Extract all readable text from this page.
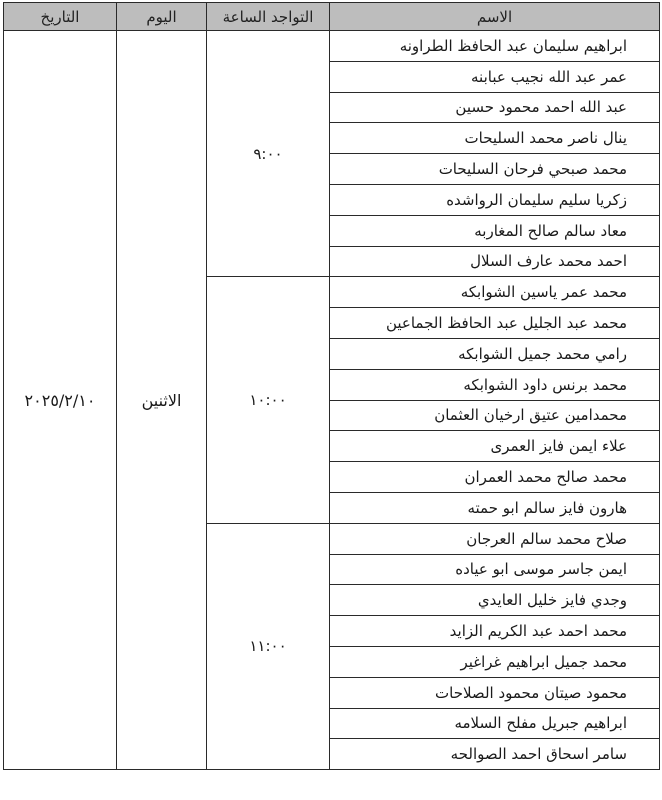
الاسم	التواجد الساعة	اليوم	التاريخ
ابراهيم سليمان عبد الحافظ الطراونه	٩:٠٠	الاثنين	٢٠٢٥/٢/١٠
عمر عبد الله نجيب عبابنه			
عبد الله احمد محمود حسين			
ينال ناصر محمد السليحات			
محمد صبحي فرحان السليحات			
زكريا سليم سليمان الرواشده			
معاد سالم صالح المغاربه			
احمد محمد عارف السلال			
محمد عمر ياسين الشوابكه	١٠:٠٠		
محمد عبد الجليل عبد الحافظ الجماعين			
رامي محمد جميل الشوابكه			
محمد برنس داود الشوابكه			
محمدامين عتيق ارخيان العثمان			
علاء ايمن فايز العمرى			
محمد صالح محمد العمران			
هارون فايز سالم ابو حمته			
صلاح محمد سالم العرجان	١١:٠٠		
ايمن جاسر موسى ابو عياده			
وجدي فايز خليل العايدي			
محمد احمد عبد الكريم الزايد			
محمد جميل ابراهيم غراغير			
محمود صيتان محمود الصلاحات			
ابراهيم جبريل مفلح السلامه			
سامر اسحاق احمد الصوالحه			
